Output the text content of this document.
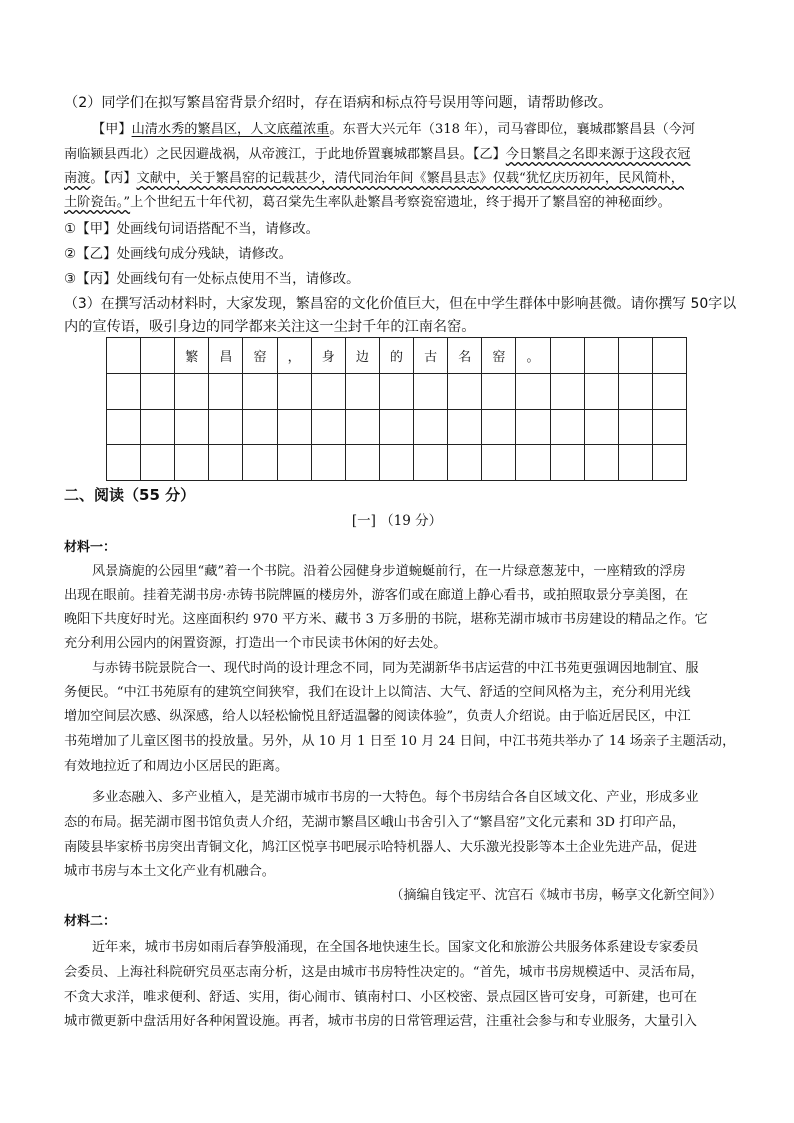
（2）同学们在拟写繁昌窑背景介绍时，存在语病和标点符号误用等问题，请帮助修改。
【甲】山清水秀的繁昌区，人文底蕴浓重。东晋大兴元年（318 年），司马睿即位，襄城郡繁昌县（今河
南临颍县西北）之民因避战祸，从帝渡江，于此地侨置襄城郡繁昌县。【乙】今日繁昌之名即来源于这段衣冠
南渡。【丙】文献中，关于繁昌窑的记载甚少，清代同治年间《繁昌县志》仅载“犹忆庆历初年，民风简朴，
土阶瓷缶。”上个世纪五十年代初，葛召棠先生率队赴繁昌考察瓷窑遗址，终于揭开了繁昌窑的神秘面纱。
①【甲】处画线句词语搭配不当，请修改。
②【乙】处画线句成分残缺，请修改。
③【丙】处画线句有一处标点使用不当，请修改。
（3）在撰写活动材料时，大家发现，繁昌窑的文化价值巨大，但在中学生群体中影响甚微。请你撰写 50字以
内的宣传语，吸引身边的同学都来关注这一尘封千年的江南名窑。
繁	昌	窑	，	身	边	的	古	名	窑	。
二、阅读（55 分）
[一] （19 分）
材料一：
风景旖旎的公园里“藏”着一个书院。沿着公园健身步道蜿蜒前行，在一片绿意葱茏中，一座精致的浮房
出现在眼前。挂着芜湖书房·赤铸书院牌匾的楼房外，游客们或在廊道上静心看书，或拍照取景分享美图，在
晚阳下共度好时光。这座面积约 970 平方米、藏书 3 万多册的书院，堪称芜湖市城市书房建设的精品之作。它
充分利用公园内的闲置资源，打造出一个市民读书休闲的好去处。
与赤铸书院景院合一、现代时尚的设计理念不同，同为芜湖新华书店运营的中江书苑更强调因地制宜、服
务便民。“中江书苑原有的建筑空间狭窄，我们在设计上以简洁、大气、舒适的空间风格为主，充分利用光线
增加空间层次感、纵深感，给人以轻松愉悦且舒适温馨的阅读体验”，负责人介绍说。由于临近居民区，中江
书苑增加了儿童区图书的投放量。另外，从 10 月 1 日至 10 月 24 日间，中江书苑共举办了 14 场亲子主题活动，
有效地拉近了和周边小区居民的距离。
多业态融入、多产业植入，是芜湖市城市书房的一大特色。每个书房结合各自区域文化、产业，形成多业
态的布局。据芜湖市图书馆负责人介绍，芜湖市繁昌区峨山书舍引入了“繁昌窑”文化元素和 3D 打印产品，
南陵县毕家桥书房突出青铜文化，鸠江区悦享书吧展示哈特机器人、大乐激光投影等本土企业先进产品，促进
城市书房与本土文化产业有机融合。
（摘编自钱定平、沈宫石《城市书房，畅享文化新空间》）
材料二：
近年来，城市书房如雨后春笋般涌现，在全国各地快速生长。国家文化和旅游公共服务体系建设专家委员
会委员、上海社科院研究员巫志南分析，这是由城市书房特性决定的。“首先，城市书房规模适中、灵活布局，
不贪大求洋，唯求便利、舒适、实用，街心闹市、镇南村口、小区校密、景点园区皆可安身，可新建，也可在
城市微更新中盘活用好各种闲置设施。再者，城市书房的日常管理运营，注重社会参与和专业服务，大量引入
